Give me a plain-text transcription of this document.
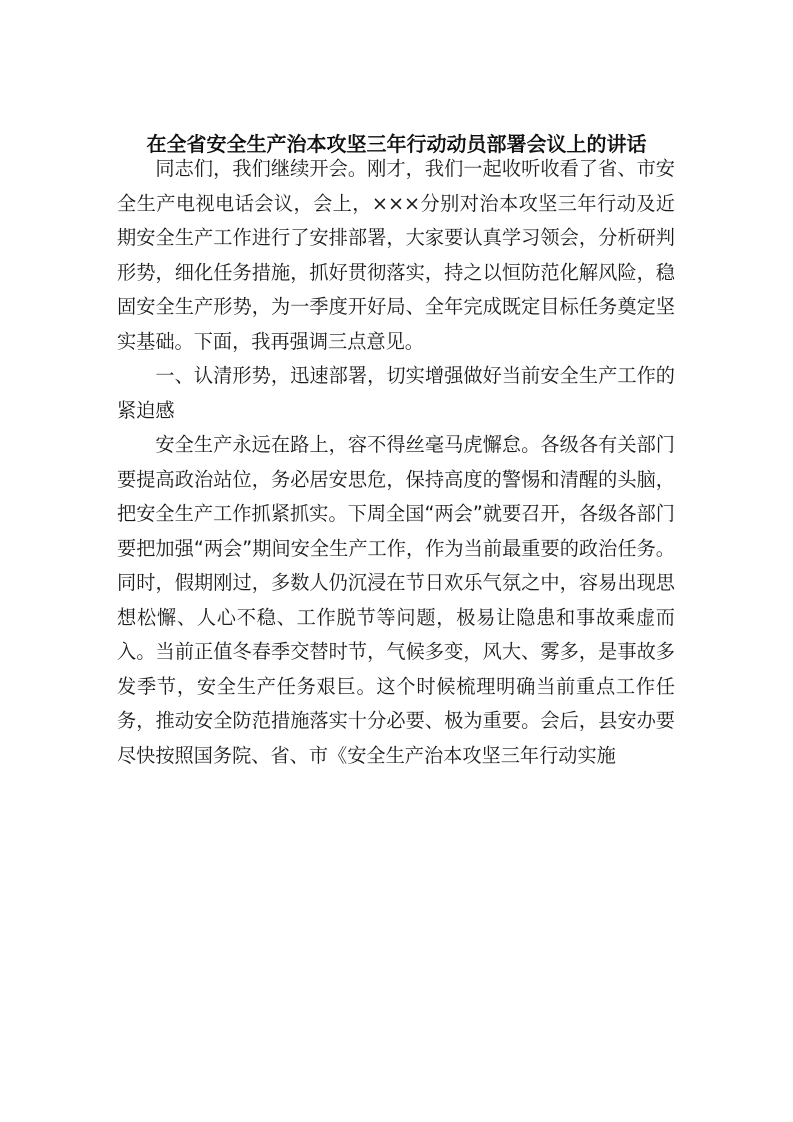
在全省安全生产治本攻坚三年行动动员部署会议上的讲话

同志们，我们继续开会。刚才，我们一起收听收看了省、市安全生产电视电话会议，会上，×××分别对治本攻坚三年行动及近期安全生产工作进行了安排部署，大家要认真学习领会，分析研判形势，细化任务措施，抓好贯彻落实，持之以恒防范化解风险，稳固安全生产形势，为一季度开好局、全年完成既定目标任务奠定坚实基础。下面，我再强调三点意见。

一、认清形势，迅速部署，切实增强做好当前安全生产工作的紧迫感

安全生产永远在路上，容不得丝毫马虎懈怠。各级各有关部门要提高政治站位，务必居安思危，保持高度的警惕和清醒的头脑，把安全生产工作抓紧抓实。下周全国“两会”就要召开，各级各部门要把加强“两会”期间安全生产工作，作为当前最重要的政治任务。同时，假期刚过，多数人仍沉浸在节日欢乐气氛之中，容易出现思想松懈、人心不稳、工作脱节等问题，极易让隐患和事故乘虚而入。当前正值冬春季交替时节，气候多变，风大、雾多，是事故多发季节，安全生产任务艰巨。这个时候梳理明确当前重点工作任务，推动安全防范措施落实十分必要、极为重要。会后，县安办要尽快按照国务院、省、市《安全生产治本攻坚三年行动实施
